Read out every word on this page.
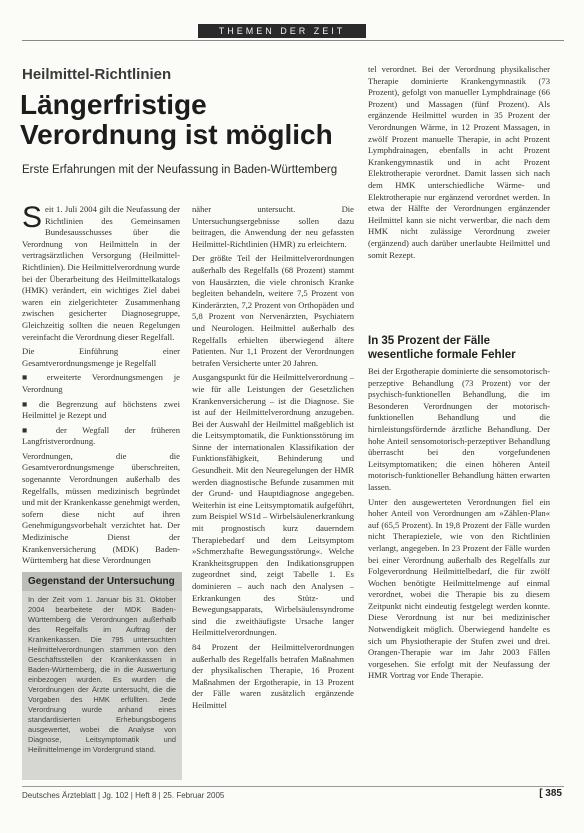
THEMEN DER ZEIT
Heilmittel-Richtlinien
Längerfristige Verordnung ist möglich
Erste Erfahrungen mit der Neufassung in Baden-Württemberg

Seit 1. Juli 2004 gilt die Neufassung der Richtlinien des Gemeinsamen Bundesausschusses über die Verordnung von Heilmitteln in der vertragsärztlichen Versorgung (Heilmittel-Richtlinien). Die Heilmittelverordnung wurde bei der Überarbeitung des Heilmittelkatalogs (HMK) verändert, ein wichtiges Ziel dabei waren ein zielgerichteter Zusammenhang zwischen gesicherter Diagnosegruppe, Gleichzeitig sollten die neuen Regelungen vereinfacht die Verordnung dieser Regelfall.

Die Einführung einer Gesamtverordnungsmenge je Regelfall

■ erweiterte Verordnungsmengen je Verordnung

■ die Begrenzung auf höchstens zwei Heilmittel je Rezept und

■ der Wegfall der früheren Langfristverordnung.

Verordnungen, die die Gesamtverordnungsmenge überschreiten, sogenannte Verordnungen außerhalb des Regelfalls, müssen medizinisch begründet und mit der Krankenkasse genehmigt werden, sofern diese nicht auf ihren Genehmigungsvorbehalt verzichtet hat. Der Medizinische Dienst der Krankenversicherung (MDK) Baden-Württemberg hat diese Verordnungen

Gegenstand der Untersuchung
In der Zeit vom 1. Januar bis 31. Oktober 2004 bearbeitete der MDK Baden-Württemberg die Verordnungen außerhalb des Regelfalls im Auftrag der Krankenkassen. Die 795 untersuchten Heilmittelverordnungen stammen von den Geschäftsstellen der Krankenkassen in Baden-Württemberg, die in die Auswertung einbezogen wurden. Es wurden die Verordnungen der Ärzte untersucht, die die Vorgaben des HMK erfüllten. Jede Verordnung wurde anhand eines standardisierten Erhebungsbogens ausgewertet, wobei die Analyse von Diagnose, Leitsymptomatik und Heilmittelmenge im Vordergrund stand.

näher untersucht. Die Untersuchungsergebnisse sollen dazu beitragen, die Anwendung der neu gefassten Heilmittel-Richtlinien (HMR) zu erleichtern.

Der größte Teil der Heilmittelverordnungen außerhalb des Regelfalls (68 Prozent) stammt von Hausärzten, die viele chronisch Kranke begleiten behandeln, weitere 7,5 Prozent von Kinderärzten, 7,2 Prozent von Orthopäden und 5,8 Prozent von Nervenärzten, Psychiatern und Neurologen. Heilmittel außerhalb des Regelfalls erhielten überwiegend ältere Patienten. Nur 1,1 Prozent der Verordnungen betrafen Versicherte unter 20 Jahren.

Ausgangspunkt für die Heilmittelverordnung – wie für alle Leistungen der Gesetzlichen Krankenversicherung – ist die Diagnose. Sie ist auf der Heilmittelverordnung anzugeben. Bei der Auswahl der Heilmittel maßgeblich ist die Leitsymptomatik, die Funktionsstörung im Sinne der internationalen Klassifikation der Funktionsfähigkeit, Behinderung und Gesundheit. Mit den Neuregelungen der HMR werden diagnostische Befunde zusammen mit der Grund- und Hauptdiagnose angegeben. Weiterhin ist eine Leitsymptomatik aufgeführt, zum Beispiel WS1d – Wirbelsäulenerkrankung mit prognostisch kurz dauerndem Therapiebedarf und dem Leitsymptom »Schmerzhafte Bewegungsstörung«. Welche Krankheitsgruppen den Indikationsgruppen zugeordnet sind, zeigt Tabelle 1. Es dominieren – auch nach den Analysen – Erkrankungen des Stütz- und Bewegungsapparats, Wirbelsäulensyndrome sind die zweithäufigste Ursache langer Heilmittelverordnungen.

84 Prozent der Heilmittelverordnungen außerhalb des Regelfalls betrafen Maßnahmen der physikalischen Therapie, 16 Prozent Maßnahmen der Ergotherapie, in 13 Prozent der Fälle waren zusätzlich ergänzende Heilmittel

tel verordnet. Bei der Verordnung physikalischer Therapie dominierte Krankengymnastik (73 Prozent), gefolgt von manueller Lymphdrainage (66 Prozent) und Massagen (fünf Prozent). Als ergänzende Heilmittel wurden in 35 Prozent der Verordnungen Wärme, in 12 Prozent Massagen, in zwölf Prozent manuelle Therapie, in acht Prozent Lymphdrainagen, ebenfalls in acht Prozent Krankengymnastik und in acht Prozent Elektrotherapie verordnet. Damit lassen sich nach dem HMK unterschiedliche Wärme- und Elektrotherapie nur ergänzend verordnet werden. In etwa der Hälfte der Verordnungen ergänzender Heilmittel kann sie nicht verwertbar, die nach dem HMK nicht zulässige Verordnung zweier (ergänzend) auch darüber unerlaubte Heilmittel und somit Rezept.

In 35 Prozent der Fälle wesentliche formale Fehler

Bei der Ergotherapie dominierte die sensomotorisch-perzeptive Behandlung (73 Prozent) vor der psychisch-funktionellen Behandlung, die im Besonderen Verordnungen der motorisch-funktionellen Behandlung und die hirnleistungsfördernde ärztliche Behandlung. Der hohe Anteil sensomotorisch-perzeptiver Behandlung überrascht bei den vorgefundenen Leitsymptomatiken; die einen höheren Anteil motorisch-funktioneller Behandlung hätten erwarten lassen.

Unter den ausgewerteten Verordnungen fiel ein hoher Anteil von Verordnungen am »Zählen-Plan« auf (65,5 Prozent). In 19,8 Prozent der Fälle wurden nicht Therapieziele, wie von den Richtlinien verlangt, angegeben. In 23 Prozent der Fälle wurden bei einer Verordnung außerhalb des Regelfalls zur Folgeverordnung Heilmittelbedarf, die für zwölf Wochen benötigte Heilmittelmenge auf einmal verordnet, wobei die Therapie bis zu diesem Zeitpunkt nicht eindeutig festgelegt werden konnte. Diese Verordnung ist nur bei medizinischer Notwendigkeit möglich. Überwiegend handelte es sich um Physiotherapie der Stufen zwei und drei. Orangen-Therapie war im Jahr 2003 Fällen vorgesehen. Sie erfolgt mit der Neufassung der HMR Vortrag vor Ende Therapie.

Deutsches Ärzteblatt | Jg. 102 | Heft 8 | 25. Februar 2005	[ 385
